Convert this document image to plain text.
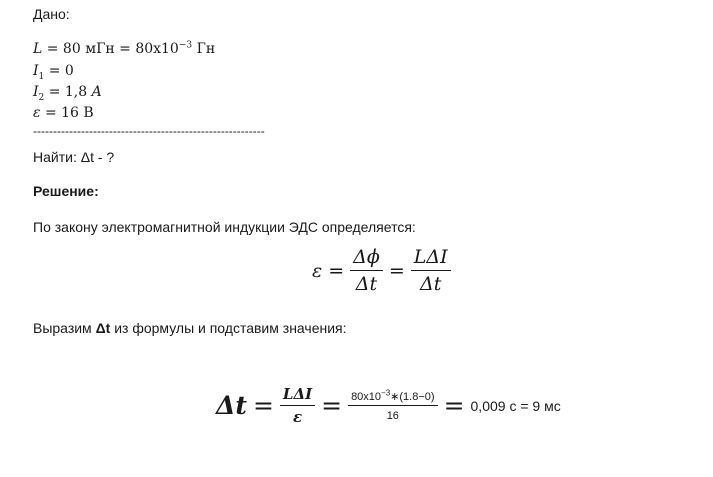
Дано:
L = 80 мГн = $80x10^{-3}$ Гн
$I_1 = 0$
$I_2 = 1,8$ A
ε = 16 В
----------------------------------------------------------
Найти: Δt - ?
Решение:
По закону электромагнитной индукции ЭДС определяется:
$\varepsilon = \frac{\Delta\phi}{\Delta t} = \frac{\text{LΔI}}{\Delta t}$
Выразим Δt из формулы и подставим значения:
$\Delta t = \frac{\text{LΔI}}{\varepsilon} = \frac{80x10^{-3}∗(1.8-0)}{16} = 0,009$ с = 9 мс
